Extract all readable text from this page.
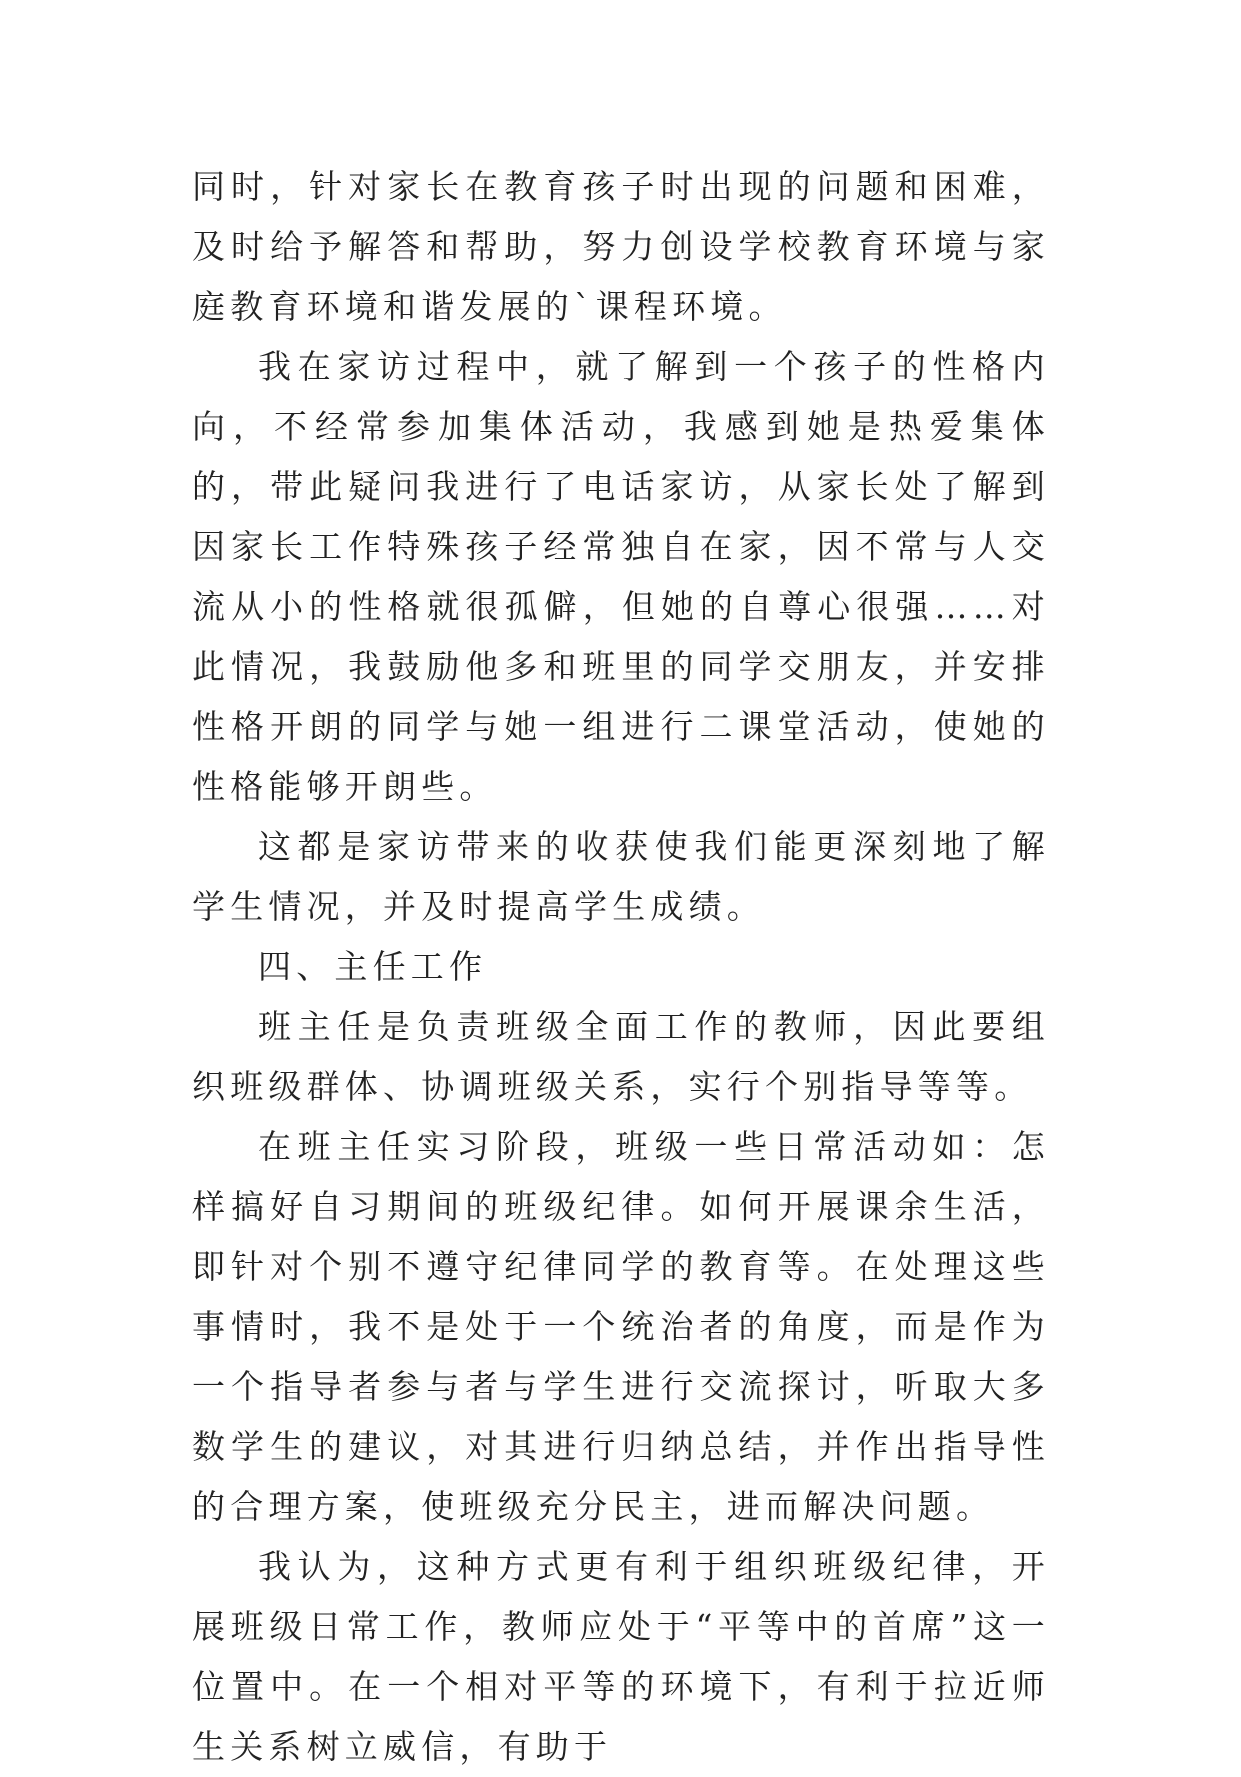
同时，针对家长在教育孩子时出现的问题和困难，及时给予解答和帮助，努力创设学校教育环境与家庭教育环境和谐发展的`课程环境。

我在家访过程中，就了解到一个孩子的性格内向，不经常参加集体活动，我感到她是热爱集体的，带此疑问我进行了电话家访，从家长处了解到因家长工作特殊孩子经常独自在家，因不常与人交流从小的性格就很孤僻，但她的自尊心很强……对此情况，我鼓励他多和班里的同学交朋友，并安排性格开朗的同学与她一组进行二课堂活动，使她的性格能够开朗些。

这都是家访带来的收获使我们能更深刻地了解学生情况，并及时提高学生成绩。

四、主任工作

班主任是负责班级全面工作的教师，因此要组织班级群体、协调班级关系，实行个别指导等等。

在班主任实习阶段，班级一些日常活动如：怎样搞好自习期间的班级纪律。如何开展课余生活，即针对个别不遵守纪律同学的教育等。在处理这些事情时，我不是处于一个统治者的角度，而是作为一个指导者参与者与学生进行交流探讨，听取大多数学生的建议，对其进行归纳总结，并作出指导性的合理方案，使班级充分民主，进而解决问题。

我认为，这种方式更有利于组织班级纪律，开展班级日常工作，教师应处于“平等中的首席”这一位置中。在一个相对平等的环境下，有利于拉近师生关系树立威信，有助于
